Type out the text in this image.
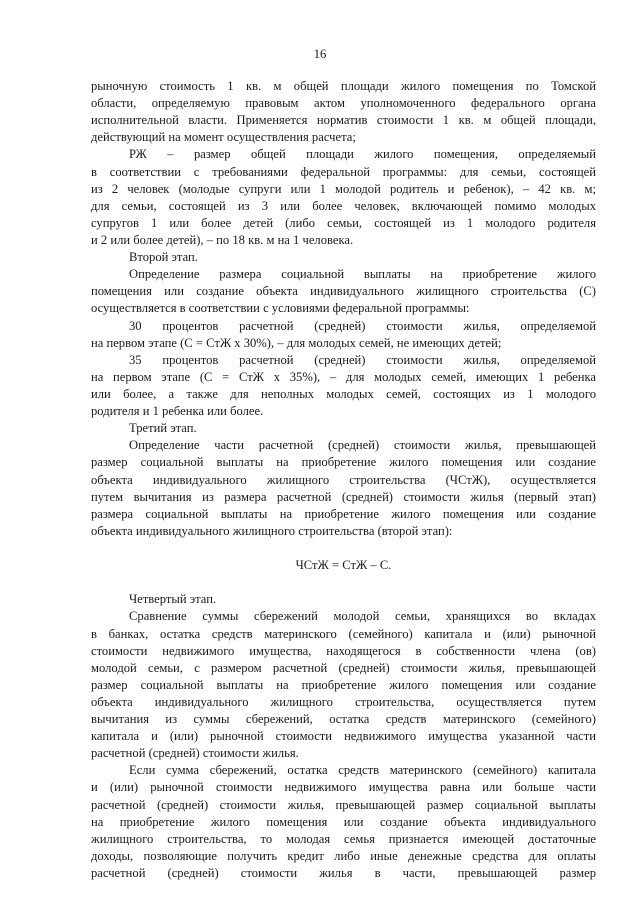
16
рыночную стоимость 1 кв. м общей площади жилого помещения по Томской
области, определяемую правовым актом уполномоченного федерального органа
исполнительной власти. Применяется норматив стоимости 1 кв. м общей площади,
действующий на момент осуществления расчета;
РЖ – размер общей площади жилого помещения, определяемый
в соответствии с требованиями федеральной программы: для семьи, состоящей
из 2 человек (молодые супруги или 1 молодой родитель и ребенок), – 42 кв. м;
для семьи, состоящей из 3 или более человек, включающей помимо молодых
супругов 1 или более детей (либо семьи, состоящей из 1 молодого родителя
и 2 или более детей), – по 18 кв. м на 1 человека.
Второй этап.
Определение размера социальной выплаты на приобретение жилого
помещения или создание объекта индивидуального жилищного строительства (С)
осуществляется в соответствии с условиями федеральной программы:
30 процентов расчетной (средней) стоимости жилья, определяемой
на первом этапе (С = СтЖ х 30%), – для молодых семей, не имеющих детей;
35 процентов расчетной (средней) стоимости жилья, определяемой
на первом этапе (С = СтЖ х 35%), – для молодых семей, имеющих 1 ребенка
или более, а также для неполных молодых семей, состоящих из 1 молодого
родителя и 1 ребенка или более.
Третий этап.
Определение части расчетной (средней) стоимости жилья, превышающей
размер социальной выплаты на приобретение жилого помещения или создание
объекта индивидуального жилищного строительства (ЧСтЖ), осуществляется
путем вычитания из размера расчетной (средней) стоимости жилья (первый этап)
размера социальной выплаты на приобретение жилого помещения или создание
объекта индивидуального жилищного строительства (второй этап):
ЧСтЖ = СтЖ – С.
Четвертый этап.
Сравнение суммы сбережений молодой семьи, хранящихся во вкладах
в банках, остатка средств материнского (семейного) капитала и (или) рыночной
стоимости недвижимого имущества, находящегося в собственности члена (ов)
молодой семьи, с размером расчетной (средней) стоимости жилья, превышающей
размер социальной выплаты на приобретение жилого помещения или создание
объекта индивидуального жилищного строительства, осуществляется путем
вычитания из суммы сбережений, остатка средств материнского (семейного)
капитала и (или) рыночной стоимости недвижимого имущества указанной части
расчетной (средней) стоимости жилья.
Если сумма сбережений, остатка средств материнского (семейного) капитала
и (или) рыночной стоимости недвижимого имущества равна или больше части
расчетной (средней) стоимости жилья, превышающей размер социальной выплаты
на приобретение жилого помещения или создание объекта индивидуального
жилищного строительства, то молодая семья признается имеющей достаточные
доходы, позволяющие получить кредит либо иные денежные средства для оплаты
расчетной (средней) стоимости жилья в части, превышающей размер
